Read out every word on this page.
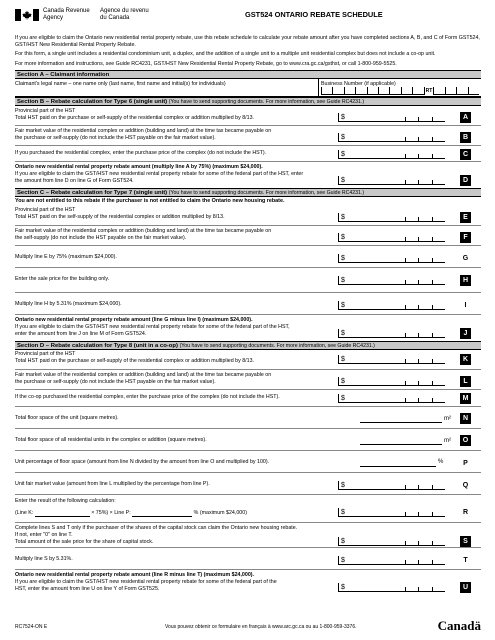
Canada Revenue
Agency
Agence du revenu
du Canada	GST524 ONTARIO REBATE SCHEDULE

If you are eligible to claim the Ontario new residential rental property rebate, use this rebate schedule to calculate your rebate amount after you have completed sections A, B, and C of Form GST524, GST/HST New Residential Rental Property Rebate.

For this form, a single unit includes a residential condominium unit, a duplex, and the addition of a single unit to a multiple unit residential complex but does not include a co-op unit.

For more information and instructions, see Guide RC4231, GST/HST New Residential Rental Property Rebate, go to www.cra.gc.ca/gsthst, or call 1-800-959-5525.

Section A – Claimant information
Claimant's legal name – one name only (last name, first name and initial(s) for individuals)	Business Number (if applicable)
RT
Section B – Rebate calculation for Type 6 (single unit) (You have to send supporting documents. For more information, see Guide RC4231.)
Provincial part of the HST
Total HST paid on the purchase or self-supply of the residential complex or addition multiplied by 8/13.	$	A
Fair market value of the residential complex or addition (building and land) at the time tax became payable on
the purchase or self-supply (do not include the HST payable on the fair market value).	$	B
If you purchased the residential complex, enter the purchase price of the complex (do not include the HST).	$	C
Ontario new residential rental property rebate amount (multiply line A by 75%) (maximum $24,000).
If you are eligible to claim the GST/HST new residential rental property rebate for some of the federal part of the HST, enter
the amount from line D on line G of Form GST524.	$	D
Section C – Rebate calculation for Type 7 (single unit) (You have to send supporting documents. For more information, see Guide RC4231.)
You are not entitled to this rebate if the purchaser is not entitled to claim the Ontario new housing rebate.
Provincial part of the HST
Total HST paid on the self-supply of the residential complex or addition multiplied by 8/13.	$	E
Fair market value of the residential complex or addition (building and land) at the time tax became payable on
the self-supply (do not include the HST payable on the fair market value).	$	F
Multiply line E by 75% (maximum $24,000).	$	G
Enter the sale price for the building only.	$	H
Multiply line H by 5.31% (maximum $24,000).	$	I
Ontario new residential rental property rebate amount (line G minus line I) (maximum $24,000).
If you are eligible to claim the GST/HST new residential rental property rebate for some of the federal part of the HST,
enter the amount from line J on line M of Form GST524.	$	J
Section D – Rebate calculation for Type 8 (unit in a co-op) (You have to send supporting documents. For more information, see Guide RC4231.)
Provincial part of the HST
Total HST paid on the purchase or self-supply of the residential complex or addition multiplied by 8/13.	$	K
Fair market value of the residential complex or addition (building and land) at the time tax became payable on
the purchase or self-supply (do not include the HST payable on the fair market value).	$	L
If the co-op purchased the residential complex, enter the purchase price of the complex (do not include the HST).	$	M
Total floor space of the unit (square metres).	m²	N
Total floor space of all residential units in the complex or addition (square metres).	m²	O
Unit percentage of floor space (amount from line N divided by the amount from line O and multiplied by 100).	%	P
Unit fair market value (amount from line L multiplied by the percentage from line P).	$	Q
Enter the result of the following calculation:
(Line K:	× 75%) × Line P:	% (maximum $24,000)	$	R
Complete lines S and T only if the purchaser of the shares of the capital stock can claim the Ontario new housing rebate.
If not, enter "0" on line T.
Total amount of the sale price for the share of capital stock.	$	S
Multiply line S by 5.31%.	$	T
Ontario new residential rental property rebate amount (line R minus line T) (maximum $24,000).
If you are eligible to claim the GST/HST new residential rental property rebate for some of the federal part of the
HST, enter the amount from line U on line Y of Form GST525.	$	U
RC7524-ON E	Vous pouvez obtenir ce formulaire en français à www.arc.gc.ca ou au 1-800-959-3376.	Canadä
